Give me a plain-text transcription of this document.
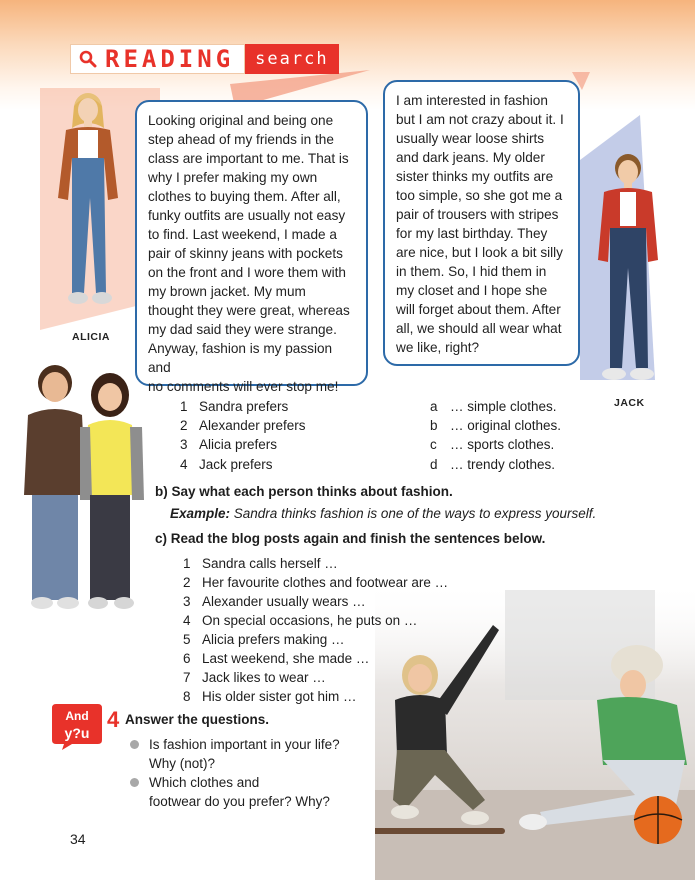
READING	search
ALICIA
JACK
Looking original and being one
step ahead of my friends in the
class are important to me. That is
why I prefer making my own
clothes to buying them. After all,
funky outfits are usually not easy
to find. Last weekend, I made a
pair of skinny jeans with pockets
on the front and I wore them with
my brown jacket. My mum
thought they were great, whereas
my dad said they were strange.
Anyway, fashion is my passion and
no comments will ever stop me!
I am interested in fashion
but I am not crazy about it. I
usually wear loose shirts
and dark jeans. My older
sister thinks my outfits are
too simple, so she got me a
pair of trousers with stripes
for my last birthday. They
are nice, but I look a bit silly
in them. So, I hid them in
my closet and I hope she
will forget about them. After
all, we should all wear what
we like, right?
1 Sandra prefers
2 Alexander prefers
3 Alicia prefers
4 Jack prefers
a … simple clothes.
b … original clothes.
c … sports clothes.
d … trendy clothes.
b) Say what each person thinks about fashion.
Example: Sandra thinks fashion is one of the ways to express yourself.
c) Read the blog posts again and finish the sentences below.
1 Sandra calls herself …
2 Her favourite clothes and footwear are …
3 Alexander usually wears …
4 On special occasions, he puts on …
5 Alicia prefers making …
6 Last weekend, she made …
7 Jack likes to wear …
8 His older sister got him …
And
y?u
4 Answer the questions.
Is fashion important in your life?
Why (not)?
Which clothes and
footwear do you prefer? Why?
34
